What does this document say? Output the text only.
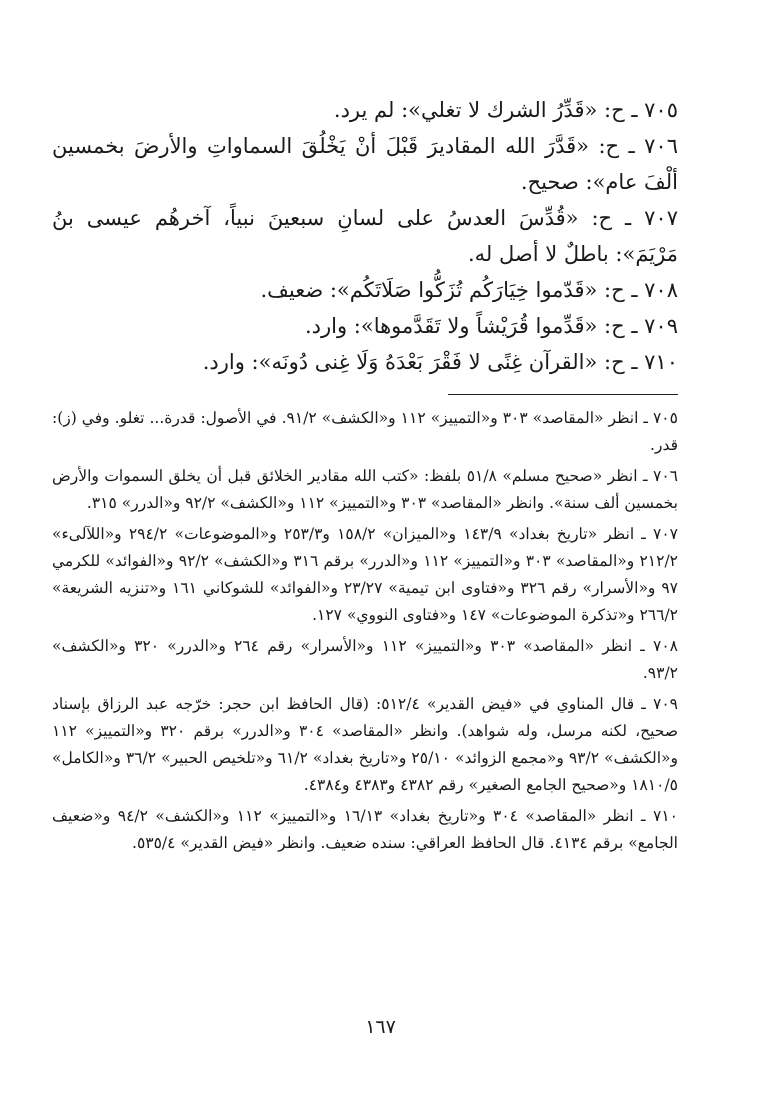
٧٠٥ ـ ح: «قَدِّرُ الشرك لا تغلي»: لم يرد.

٧٠٦ ـ ح: «قَدَّرَ الله المقاديرَ قَبْلَ أنْ يَخْلُقَ السماواتِ والأرضَ بخمسين ألْفَ عام»: صحيح.

٧٠٧ ـ ح: «قُدِّسَ العدسُ على لسانِ سبعينَ نبياً، آخرهُم عيسى بنُ مَرْيَمَ»: باطلٌ لا أصل له.

٧٠٨ ـ ح: «قَدّموا خِيَارَكُم تُزَكُّوا صَلَاتَكُم»: ضعيف.

٧٠٩ ـ ح: «قَدِّموا قُرَيْشاً ولا تَقَدَّموها»: وارد.

٧١٠ ـ ح: «القرآن غِنًى لا فَقْرَ بَعْدَهُ وَلَا غِنى دُونَه»: وارد.

٧٠٥ ـ انظر «المقاصد» ٣٠٣ و«التمييز» ١١٢ و«الكشف» ٩١/٢. في الأصول: قدرة... تغلو. وفي (ز): قدر.

٧٠٦ ـ انظر «صحيح مسلم» ٥١/٨ بلفظ: «كتب الله مقادير الخلائق قبل أن يخلق السموات والأرض بخمسين ألف سنة». وانظر «المقاصد» ٣٠٣ و«التمييز» ١١٢ و«الكشف» ٩٢/٢ و«الدرر» ٣١٥.

٧٠٧ ـ انظر «تاريخ بغداد» ١٤٣/٩ و«الميزان» ١٥٨/٢ و٢٥٣/٣ و«الموضوعات» ٢٩٤/٢ و«اللآلىء» ٢١٢/٢ و«المقاصد» ٣٠٣ و«التمييز» ١١٢ و«الدرر» برقم ٣١٦ و«الكشف» ٩٢/٢ و«الفوائد» للكرمي ٩٧ و«الأسرار» رقم ٣٢٦ و«فتاوى ابن تيمية» ٢٣/٢٧ و«الفوائد» للشوكاني ١٦١ و«تنزيه الشريعة» ٢٦٦/٢ و«تذكرة الموضوعات» ١٤٧ و«فتاوى النووي» ١٢٧.

٧٠٨ ـ انظر «المقاصد» ٣٠٣ و«التمييز» ١١٢ و«الأسرار» رقم ٢٦٤ و«الدرر» ٣٢٠ و«الكشف» ٩٣/٢.

٧٠٩ ـ قال المناوي في «فيض القدير» ٥١٢/٤: (قال الحافظ ابن حجر: خرّجه عبد الرزاق بإسناد صحيح، لكنه مرسل، وله شواهد). وانظر «المقاصد» ٣٠٤ و«الدرر» برقم ٣٢٠ و«التمييز» ١١٢ و«الكشف» ٩٣/٢ و«مجمع الزوائد» ٢٥/١٠ و«تاريخ بغداد» ٦١/٢ و«تلخيص الحبير» ٣٦/٢ و«الكامل» ١٨١٠/٥ و«صحيح الجامع الصغير» رقم ٤٣٨٢ و٤٣٨٣ و٤٣٨٤.

٧١٠ ـ انظر «المقاصد» ٣٠٤ و«تاريخ بغداد» ١٦/١٣ و«التمييز» ١١٢ و«الكشف» ٩٤/٢ و«ضعيف الجامع» برقم ٤١٣٤. قال الحافظ العراقي: سنده ضعيف. وانظر «فيض القدير» ٥٣٥/٤.

١٦٧
